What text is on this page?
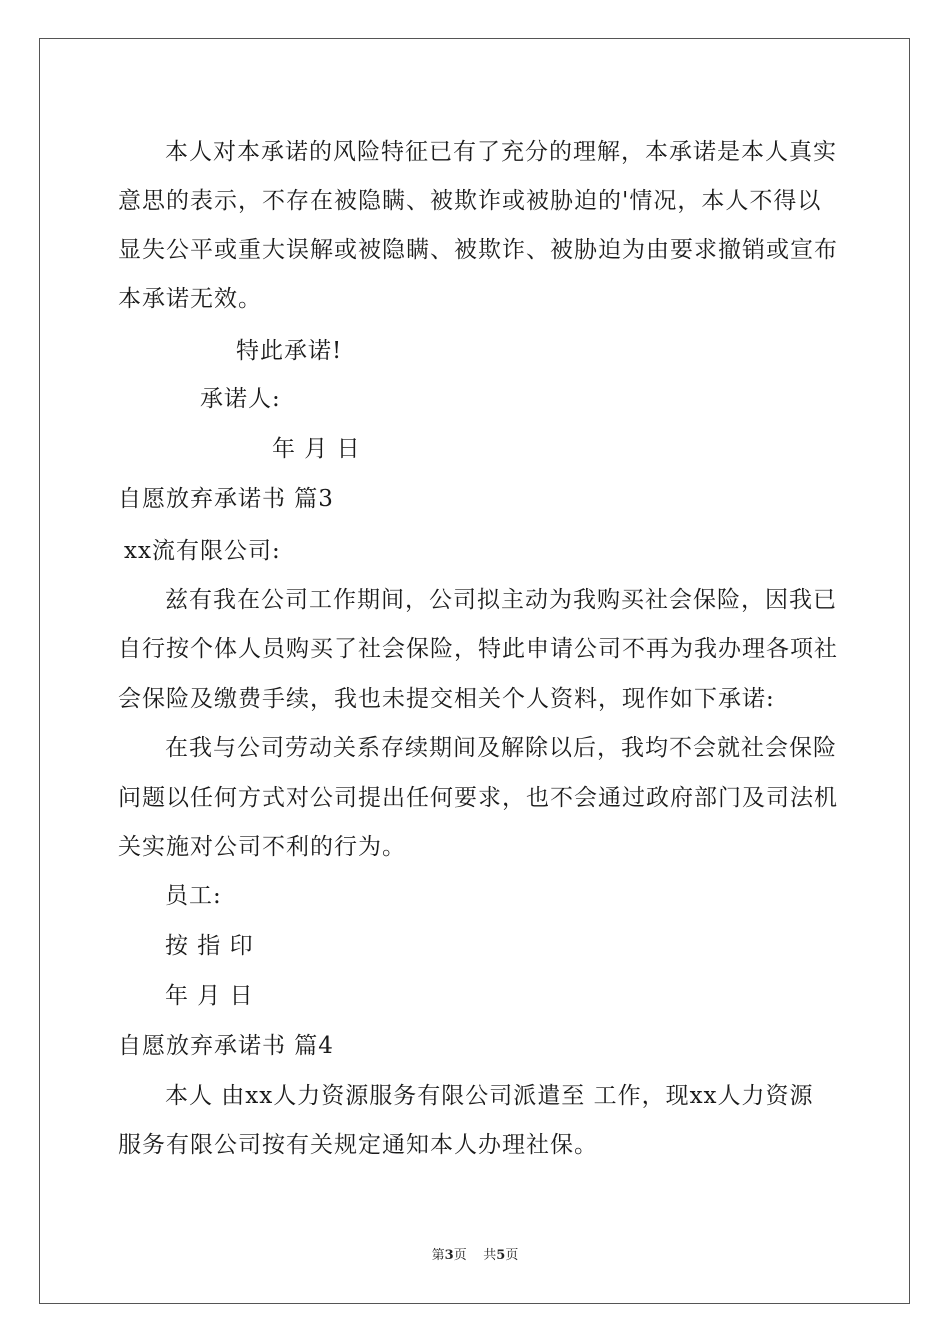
本人对本承诺的风险特征已有了充分的理解，本承诺是本人真实
意思的表示，不存在被隐瞒、被欺诈或被胁迫的'情况，本人不得以
显失公平或重大误解或被隐瞒、被欺诈、被胁迫为由要求撤销或宣布
本承诺无效。
特此承诺!
承诺人:
年 月 日
自愿放弃承诺书 篇3
xx流有限公司:
兹有我在公司工作期间，公司拟主动为我购买社会保险，因我已
自行按个体人员购买了社会保险，特此申请公司不再为我办理各项社
会保险及缴费手续，我也未提交相关个人资料，现作如下承诺:
在我与公司劳动关系存续期间及解除以后，我均不会就社会保险
问题以任何方式对公司提出任何要求，也不会通过政府部门及司法机
关实施对公司不利的行为。
员工:
按 指 印
年 月 日
自愿放弃承诺书 篇4
本人 由xx人力资源服务有限公司派遣至 工作，现xx人力资源
服务有限公司按有关规定通知本人办理社保。
第3页 共5页
